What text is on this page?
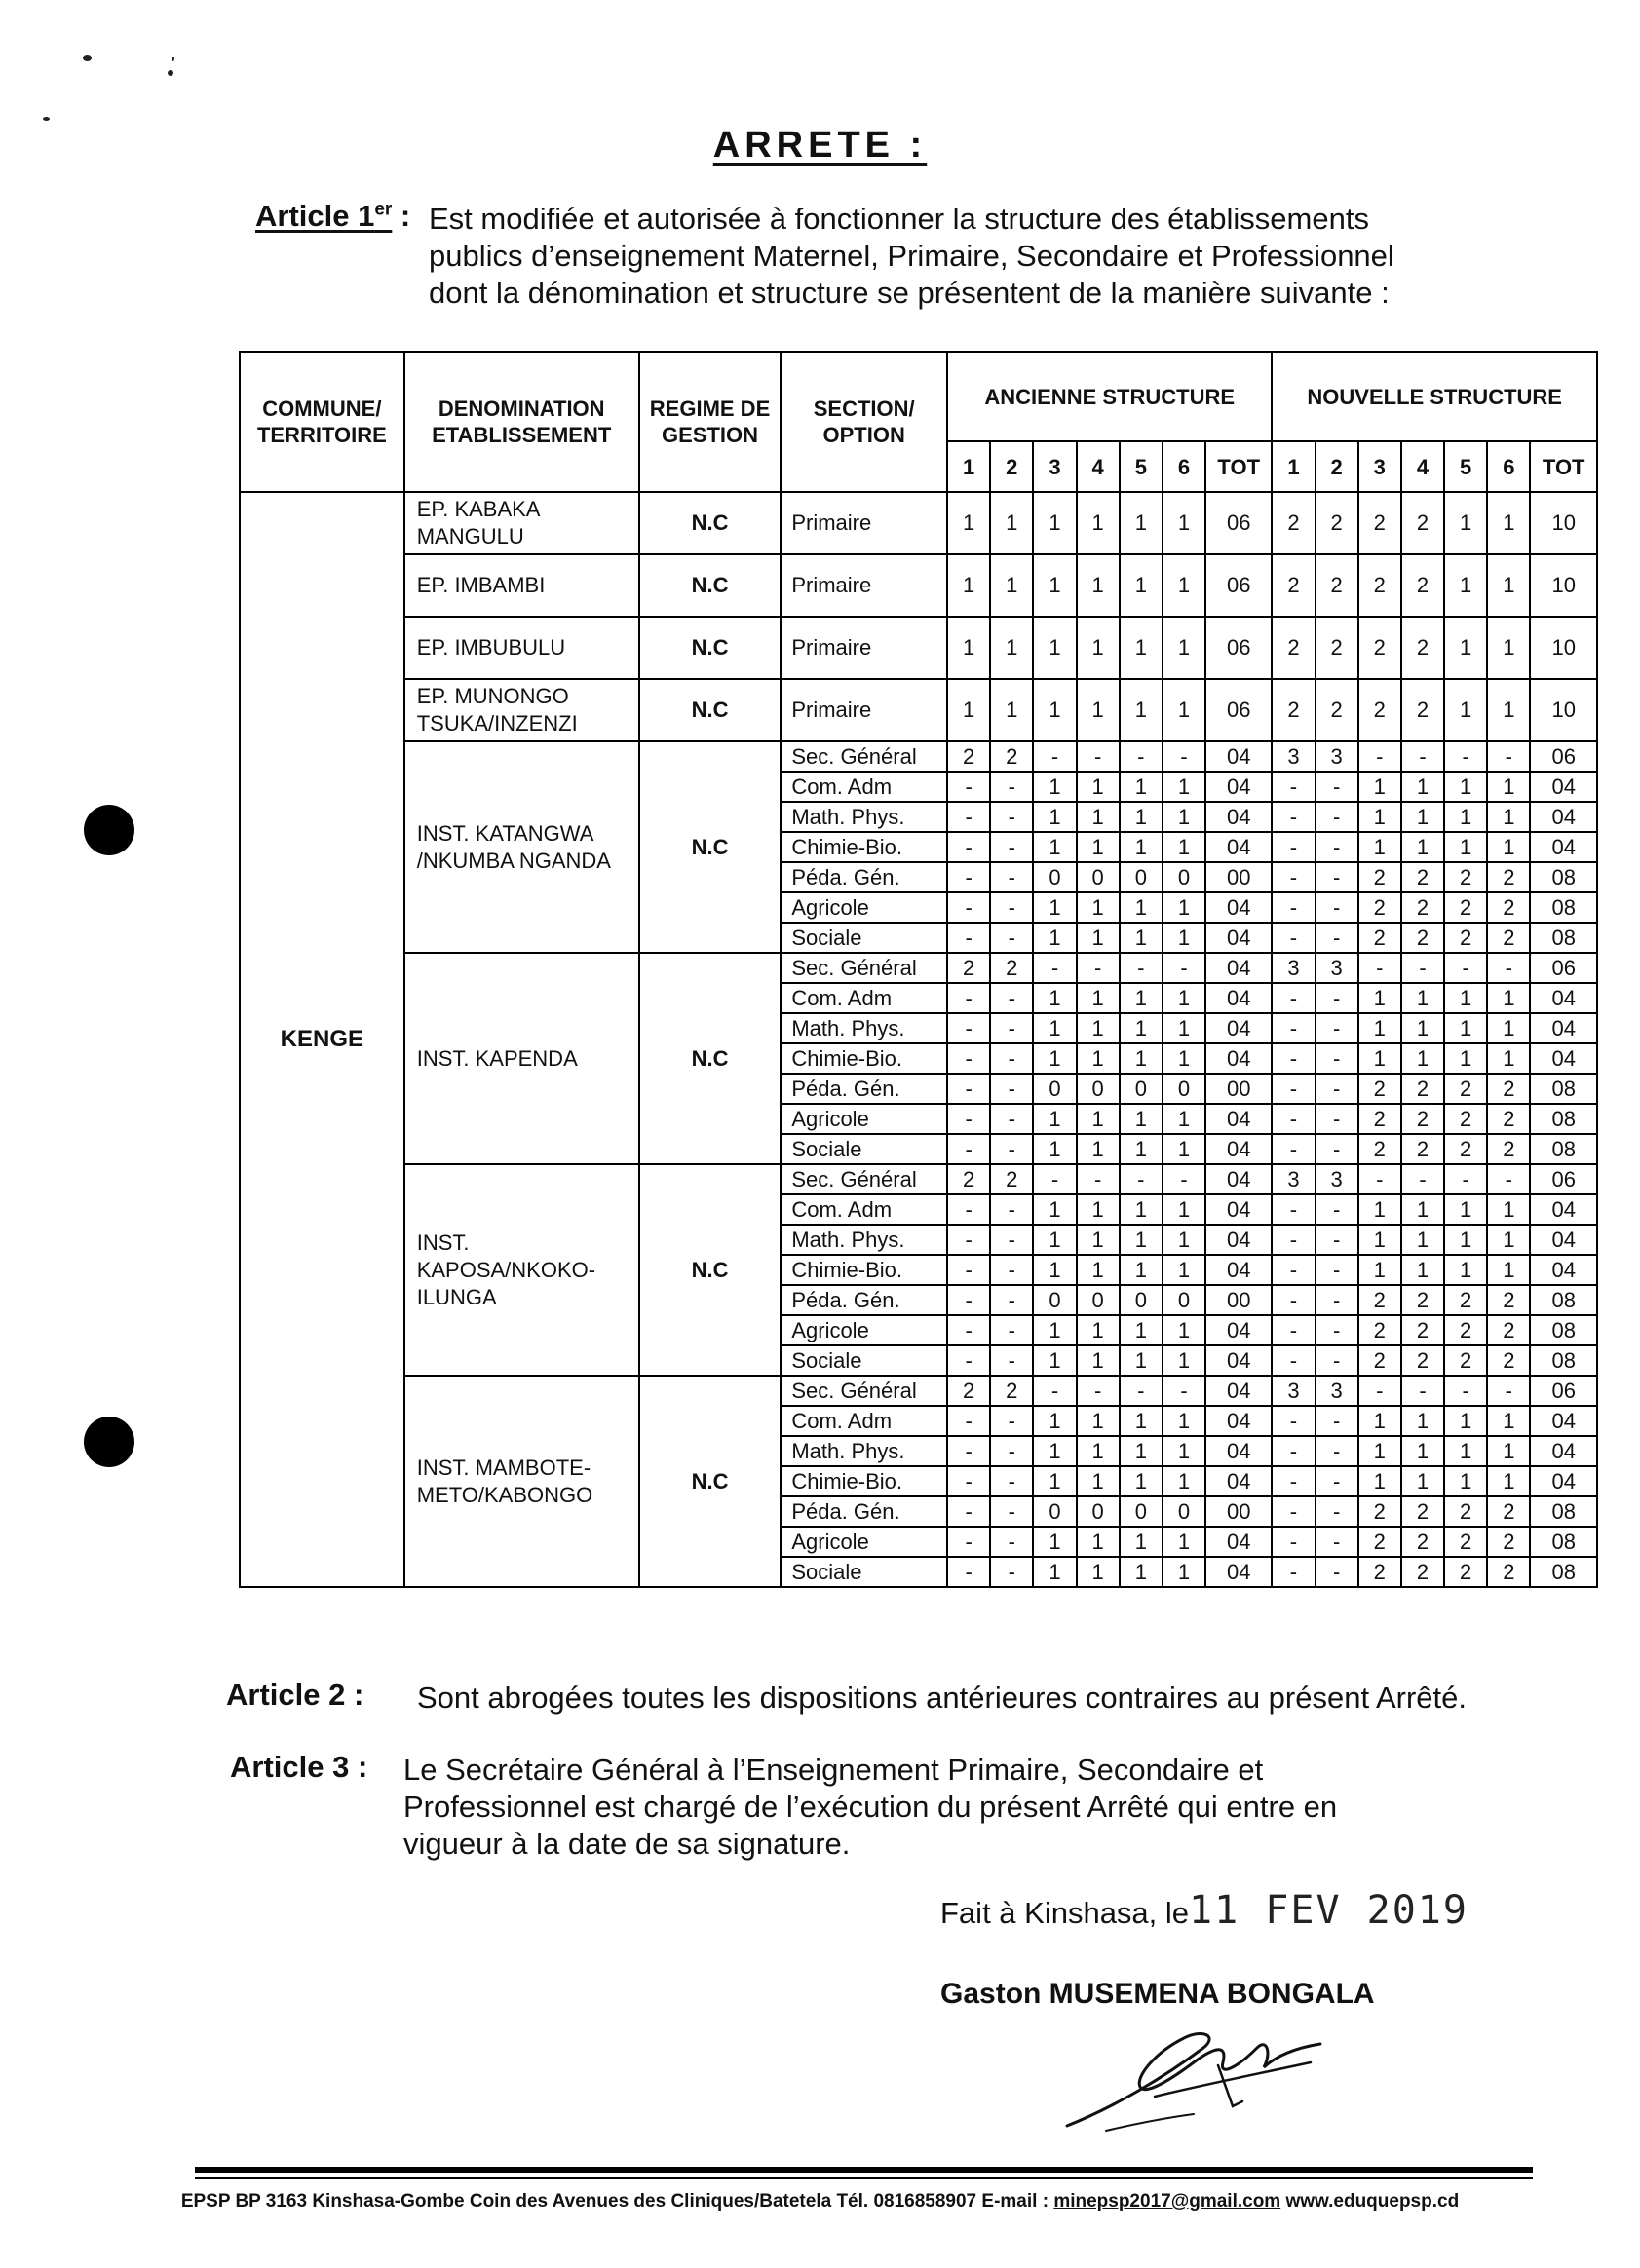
ARRETE :
Article 1er : Est modifiée et autorisée à fonctionner la structure des établissements
publics d’enseignement Maternel, Primaire, Secondaire et Professionnel
dont la dénomination et structure se présentent de la manière suivante :
COMMUNE/ TERRITOIRE	DENOMINATION ETABLISSEMENT	REGIME DE GESTION	SECTION/ OPTION	ANCIENNE STRUCTURE							NOUVELLE STRUCTURE						
				1	2	3	4	5	6	TOT	1	2	3	4	5	6	TOT
KENGE	EP. KABAKA MANGULU	N.C	Primaire	1	1	1	1	1	1	06	2	2	2	2	1	1	10
	EP. IMBAMBI	N.C	Primaire	1	1	1	1	1	1	06	2	2	2	2	1	1	10
	EP. IMBUBULU	N.C	Primaire	1	1	1	1	1	1	06	2	2	2	2	1	1	10
	EP. MUNONGO TSUKA/INZENZI	N.C	Primaire	1	1	1	1	1	1	06	2	2	2	2	1	1	10
	INST. KATANGWA /NKUMBA NGANDA	N.C	Sec. Général	2	2	-	-	-	-	04	3	3	-	-	-	-	06
			Com. Adm	-	-	1	1	1	1	04	-	-	1	1	1	1	04
			Math. Phys.	-	-	1	1	1	1	04	-	-	1	1	1	1	04
			Chimie-Bio.	-	-	1	1	1	1	04	-	-	1	1	1	1	04
			Péda. Gén.	-	-	0	0	0	0	00	-	-	2	2	2	2	08
			Agricole	-	-	1	1	1	1	04	-	-	2	2	2	2	08
			Sociale	-	-	1	1	1	1	04	-	-	2	2	2	2	08
	INST. KAPENDA	N.C	Sec. Général	2	2	-	-	-	-	04	3	3	-	-	-	-	06
			Com. Adm	-	-	1	1	1	1	04	-	-	1	1	1	1	04
			Math. Phys.	-	-	1	1	1	1	04	-	-	1	1	1	1	04
			Chimie-Bio.	-	-	1	1	1	1	04	-	-	1	1	1	1	04
			Péda. Gén.	-	-	0	0	0	0	00	-	-	2	2	2	2	08
			Agricole	-	-	1	1	1	1	04	-	-	2	2	2	2	08
			Sociale	-	-	1	1	1	1	04	-	-	2	2	2	2	08
	INST. KAPOSA/NKOKO-ILUNGA	N.C	Sec. Général	2	2	-	-	-	-	04	3	3	-	-	-	-	06
			Com. Adm	-	-	1	1	1	1	04	-	-	1	1	1	1	04
			Math. Phys.	-	-	1	1	1	1	04	-	-	1	1	1	1	04
			Chimie-Bio.	-	-	1	1	1	1	04	-	-	1	1	1	1	04
			Péda. Gén.	-	-	0	0	0	0	00	-	-	2	2	2	2	08
			Agricole	-	-	1	1	1	1	04	-	-	2	2	2	2	08
			Sociale	-	-	1	1	1	1	04	-	-	2	2	2	2	08
	INST. MAMBOTE-METO/KABONGO	N.C	Sec. Général	2	2	-	-	-	-	04	3	3	-	-	-	-	06
			Com. Adm	-	-	1	1	1	1	04	-	-	1	1	1	1	04
			Math. Phys.	-	-	1	1	1	1	04	-	-	1	1	1	1	04
			Chimie-Bio.	-	-	1	1	1	1	04	-	-	1	1	1	1	04
			Péda. Gén.	-	-	0	0	0	0	00	-	-	2	2	2	2	08
			Agricole	-	-	1	1	1	1	04	-	-	2	2	2	2	08
			Sociale	-	-	1	1	1	1	04	-	-	2	2	2	2	08
Article 2 : Sont abrogées toutes les dispositions antérieures contraires au présent Arrêté.
Article 3 : Le Secrétaire Général à l’Enseignement Primaire, Secondaire et
Professionnel est chargé de l’exécution du présent Arrêté qui entre en
vigueur à la date de sa signature.
Fait à Kinshasa, le11 FEV 2019
Gaston MUSEMENA BONGALA
EPSP BP 3163 Kinshasa-Gombe Coin des Avenues des Cliniques/Batetela Tél. 0816858907 E-mail : minepsp2017@gmail.com www.eduquepsp.cd
